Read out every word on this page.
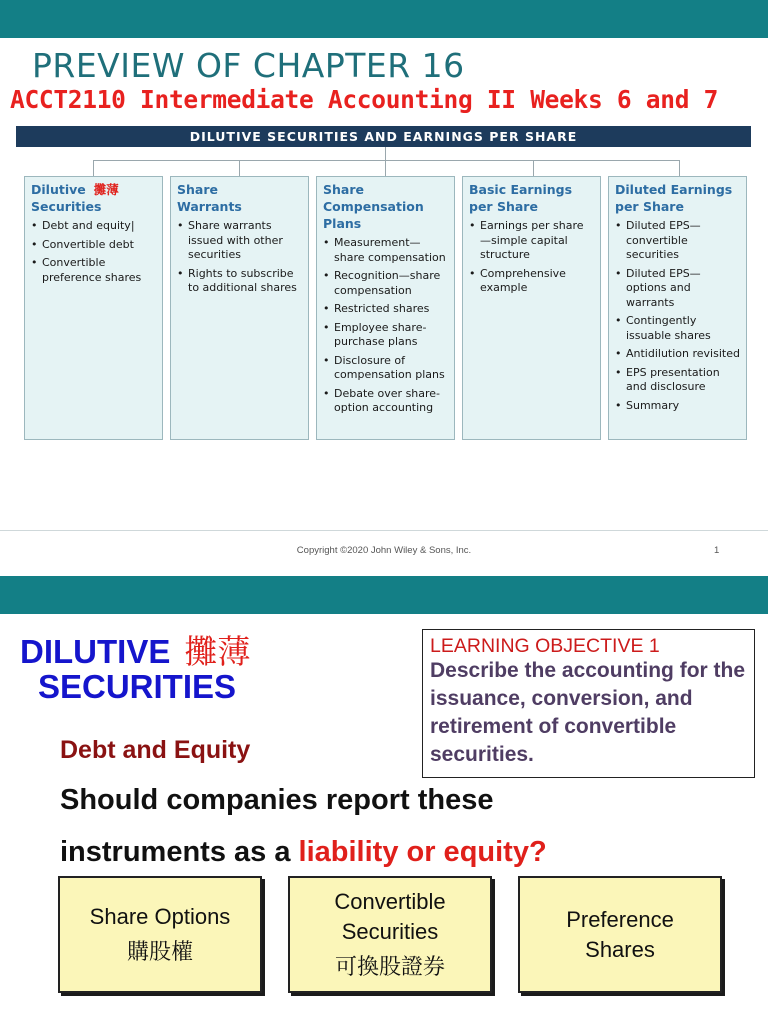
PREVIEW OF CHAPTER 16
ACCT2110 Intermediate Accounting II Weeks 6 and 7
DILUTIVE SECURITIES AND EARNINGS PER SHARE
Dilutive 攤薄
Securities
• Debt and equity|
• Convertible debt
• Convertible preference shares
Share
Warrants
• Share warrants issued with other securities
• Rights to subscribe to additional shares
Share
Compensation
Plans
• Measurement— share compensation
• Recognition—share compensation
• Restricted shares
• Employee share-purchase plans
• Disclosure of compensation plans
• Debate over share-option accounting
Basic Earnings
per Share
• Earnings per share—simple capital structure
• Comprehensive example
Diluted Earnings
per Share
• Diluted EPS— convertible securities
• Diluted EPS— options and warrants
• Contingently issuable shares
• Antidilution revisited
• EPS presentation and disclosure
• Summary
Copyright ©2020 John Wiley & Sons, Inc.	1
DILUTIVE 攤薄
SECURITIES
LEARNING OBJECTIVE 1
Describe the accounting for the issuance, conversion, and retirement of convertible securities.
Debt and Equity
Should companies report these
instruments as a liability or equity?
Share Options
購股權
Convertible Securities
可換股證券
Preference Shares
